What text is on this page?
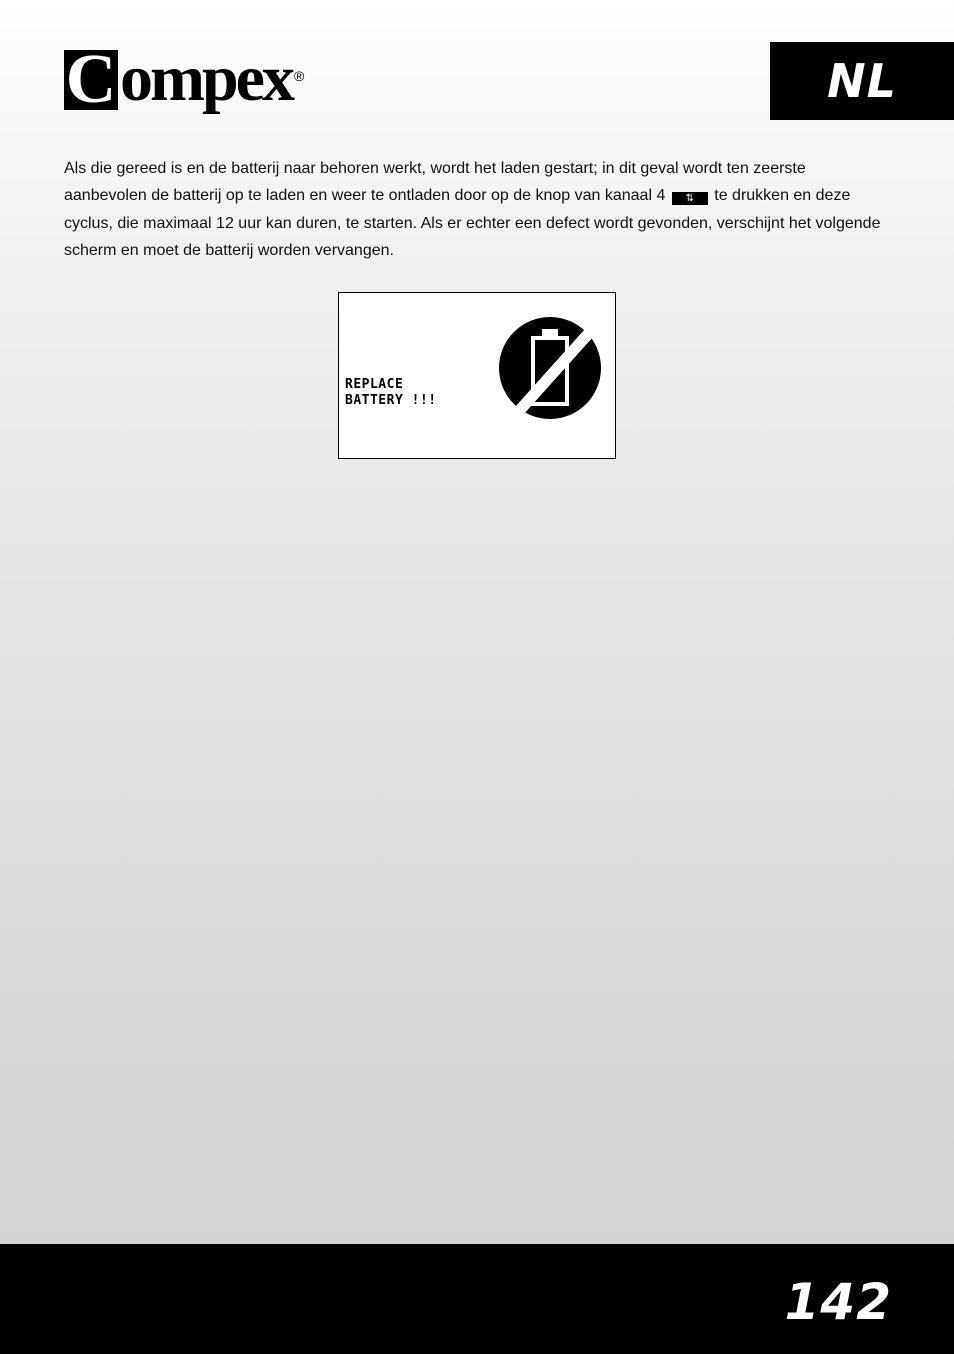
C ompex ®	NL

Als die gereed is en de batterij naar behoren werkt, wordt het laden gestart; in dit geval wordt ten zeerste aanbevolen de batterij op te laden en weer te ontladen door op de knop van kanaal 4 ⇅ te drukken en deze cyclus, die maximaal 12 uur kan duren, te starten. Als er echter een defect wordt gevonden, verschijnt het volgende scherm en moet de batterij worden vervangen.

REPLACE
BATTERY !!!
142
